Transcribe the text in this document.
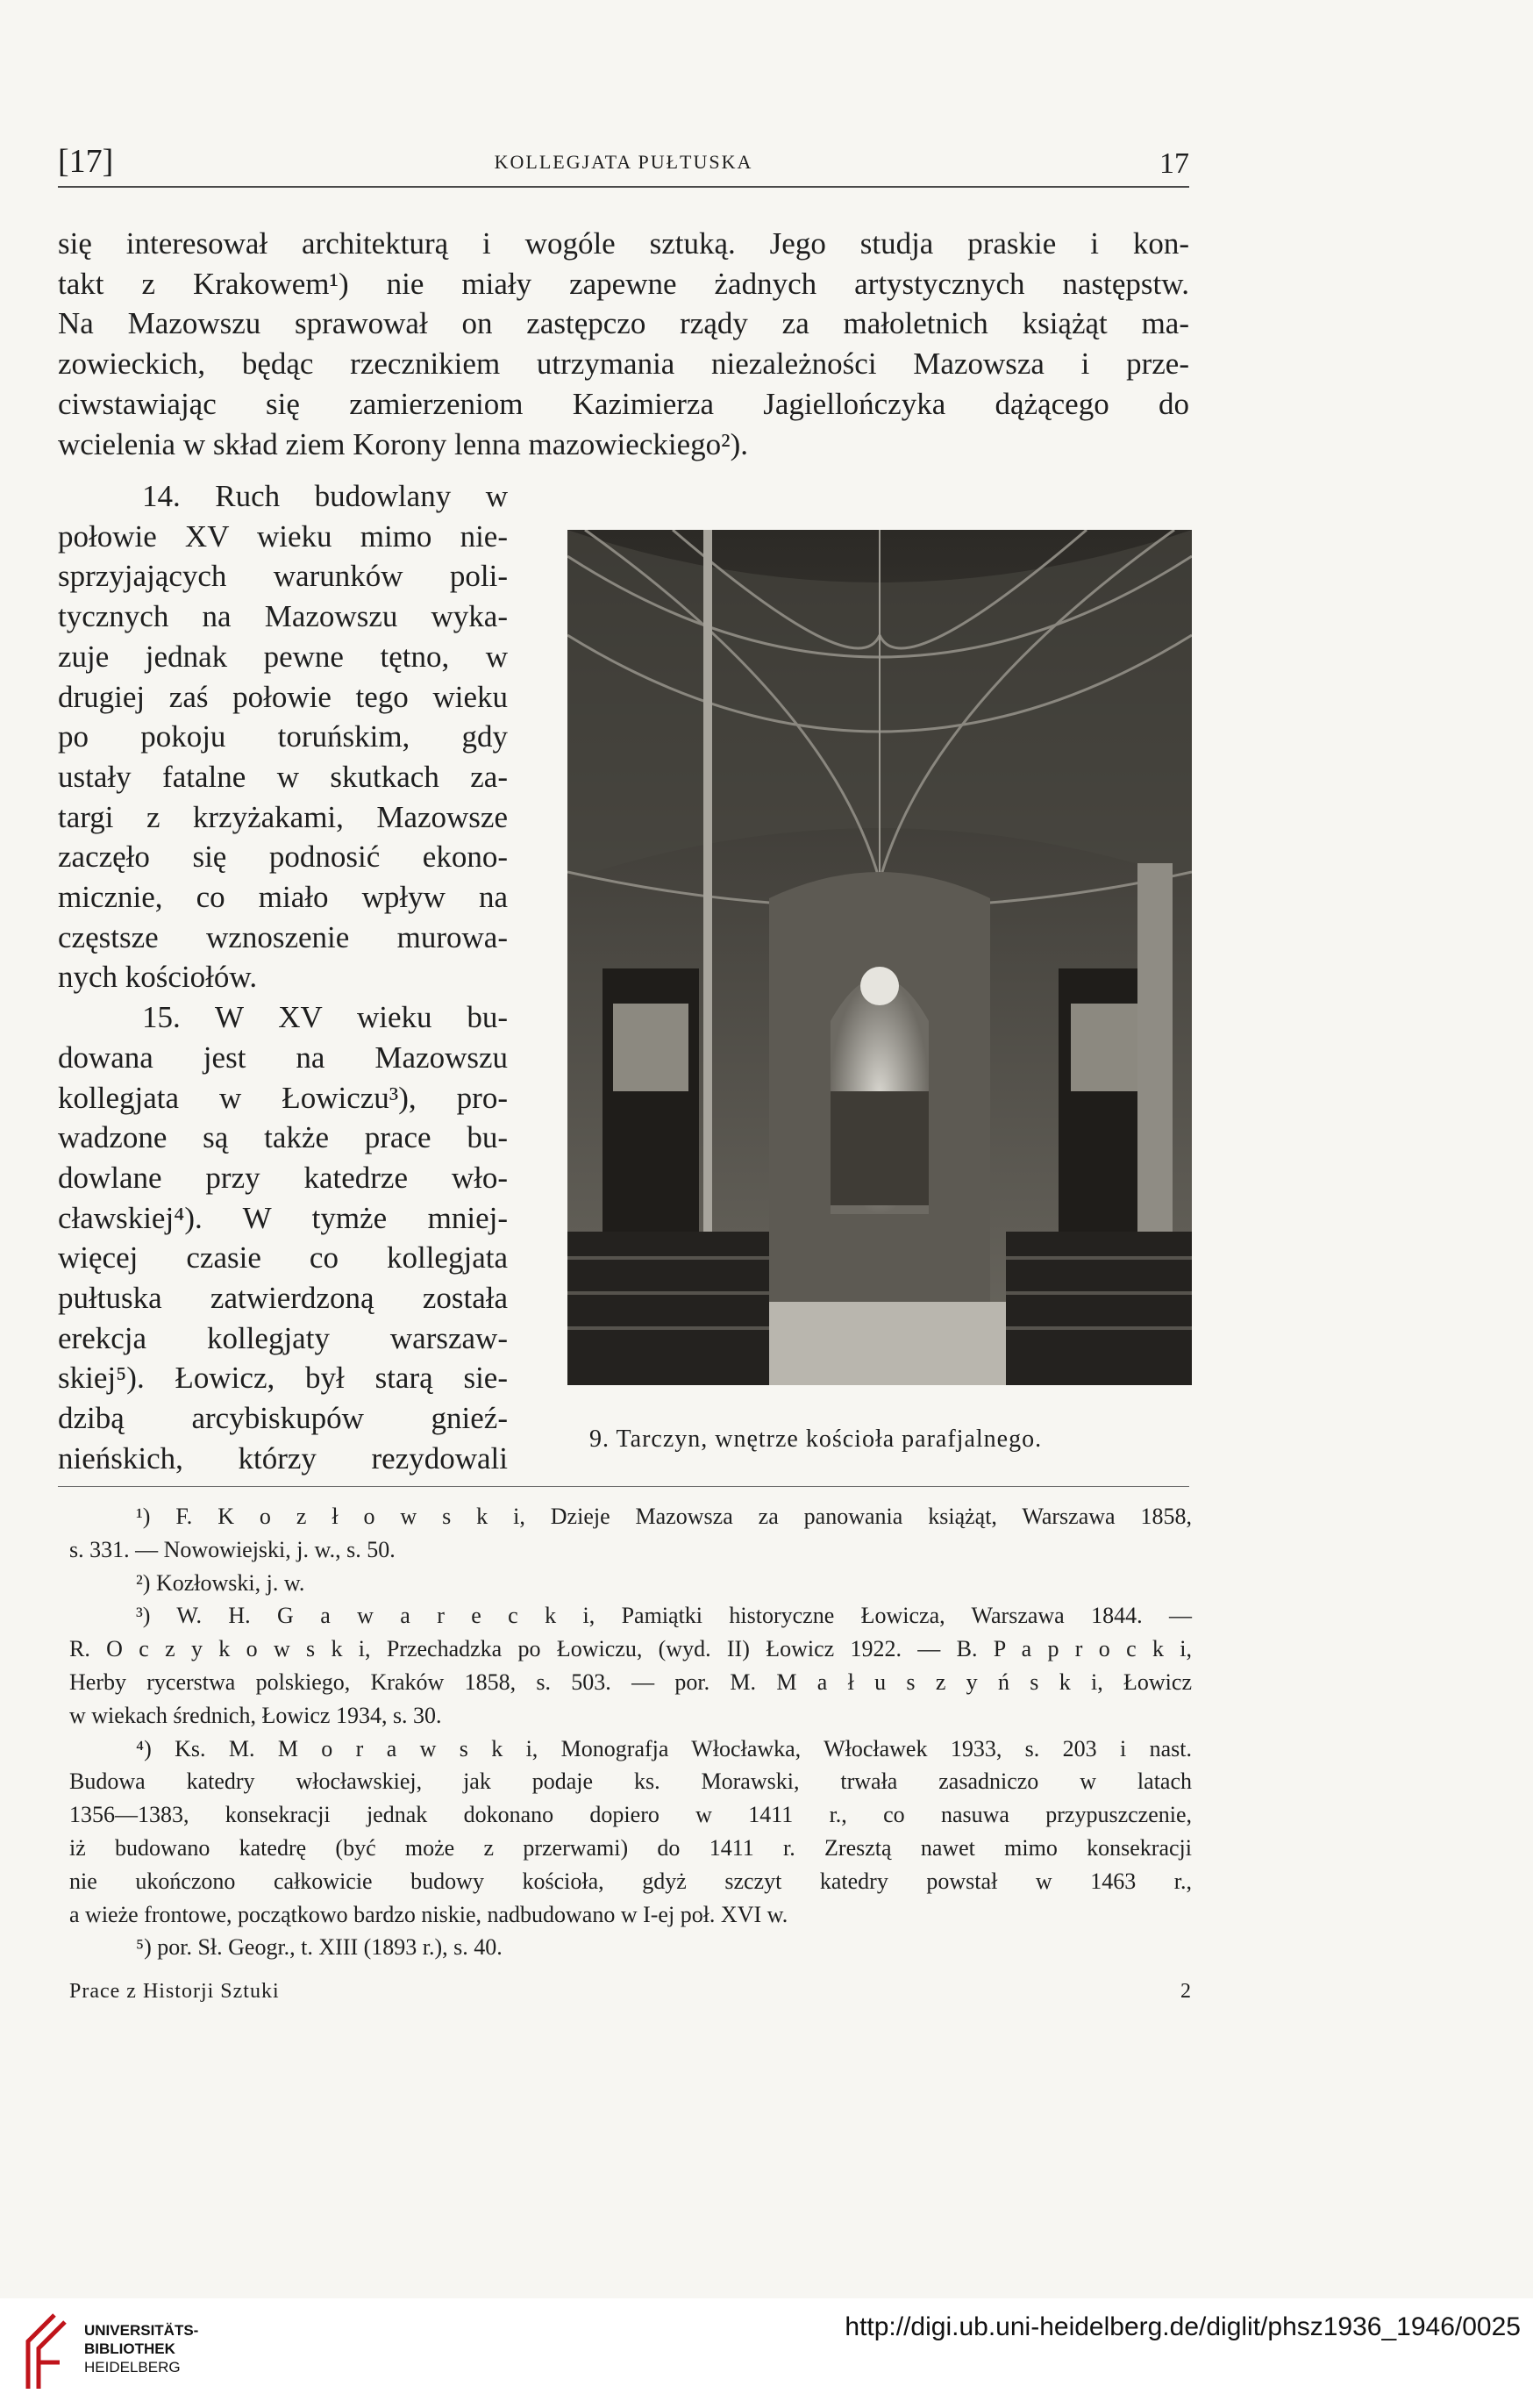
[17]	KOLLEGJATA PUŁTUSKA	17
się interesował architekturą i wogóle sztuką. Jego studja praskie i kon-
takt z Krakowem¹) nie miały zapewne żadnych artystycznych następstw.
Na Mazowszu sprawował on zastępczo rządy za małoletnich książąt ma-
zowieckich, będąc rzecznikiem utrzymania niezależności Mazowsza i prze-
ciwstawiając się zamierzeniom Kazimierza Jagiellończyka dążącego do
wcielenia w skład ziem Korony lenna mazowieckiego²).
14. Ruch budowlany w
połowie XV wieku mimo nie-
sprzyjających warunków poli-
tycznych na Mazowszu wyka-
zuje jednak pewne tętno, w
drugiej zaś połowie tego wieku
po pokoju toruńskim, gdy
ustały fatalne w skutkach za-
targi z krzyżakami, Mazowsze
zaczęło się podnosić ekono-
micznie, co miało wpływ na
częstsze wznoszenie murowa-
nych kościołów.
15. W XV wieku bu-
dowana jest na Mazowszu
kollegjata w Łowiczu³), pro-
wadzone są także prace bu-
dowlane przy katedrze wło-
cławskiej⁴). W tymże mniej-
więcej czasie co kollegjata
pułtuska zatwierdzoną została
erekcja kollegjaty warszaw-
skiej⁵). Łowicz, był starą sie-
dzibą arcybiskupów gnieź-
nieńskich, którzy rezydowali
9. Tarczyn, wnętrze kościoła parafjalnego.
¹) F. K o z ł o w s k i, Dzieje Mazowsza za panowania książąt, Warszawa 1858,
s. 331. — Nowowiejski, j. w., s. 50.
²) Kozłowski, j. w.
³) W. H. G a w a r e c k i, Pamiątki historyczne Łowicza, Warszawa 1844. —
R. O c z y k o w s k i, Przechadzka po Łowiczu, (wyd. II) Łowicz 1922. — B. P a p r o c k i,
Herby rycerstwa polskiego, Kraków 1858, s. 503. — por. M. M a ł u s z y ń s k i, Łowicz
w wiekach średnich, Łowicz 1934, s. 30.
⁴) Ks. M. M o r a w s k i, Monografja Włocławka, Włocławek 1933, s. 203 i nast.
Budowa katedry włocławskiej, jak podaje ks. Morawski, trwała zasadniczo w latach
1356—1383, konsekracji jednak dokonano dopiero w 1411 r., co nasuwa przypuszczenie,
iż budowano katedrę (być może z przerwami) do 1411 r. Zresztą nawet mimo konsekracji
nie ukończono całkowicie budowy kościoła, gdyż szczyt katedry powstał w 1463 r.,
a wieże frontowe, początkowo bardzo niskie, nadbudowano w I-ej poł. XVI w.
⁵) por. Sł. Geogr., t. XIII (1893 r.), s. 40.
Prace z Historji Sztuki	2
UNIVERSITÄTS-
BIBLIOTHEK
HEIDELBERG
http://digi.ub.uni-heidelberg.de/diglit/phsz1936_1946/0025
